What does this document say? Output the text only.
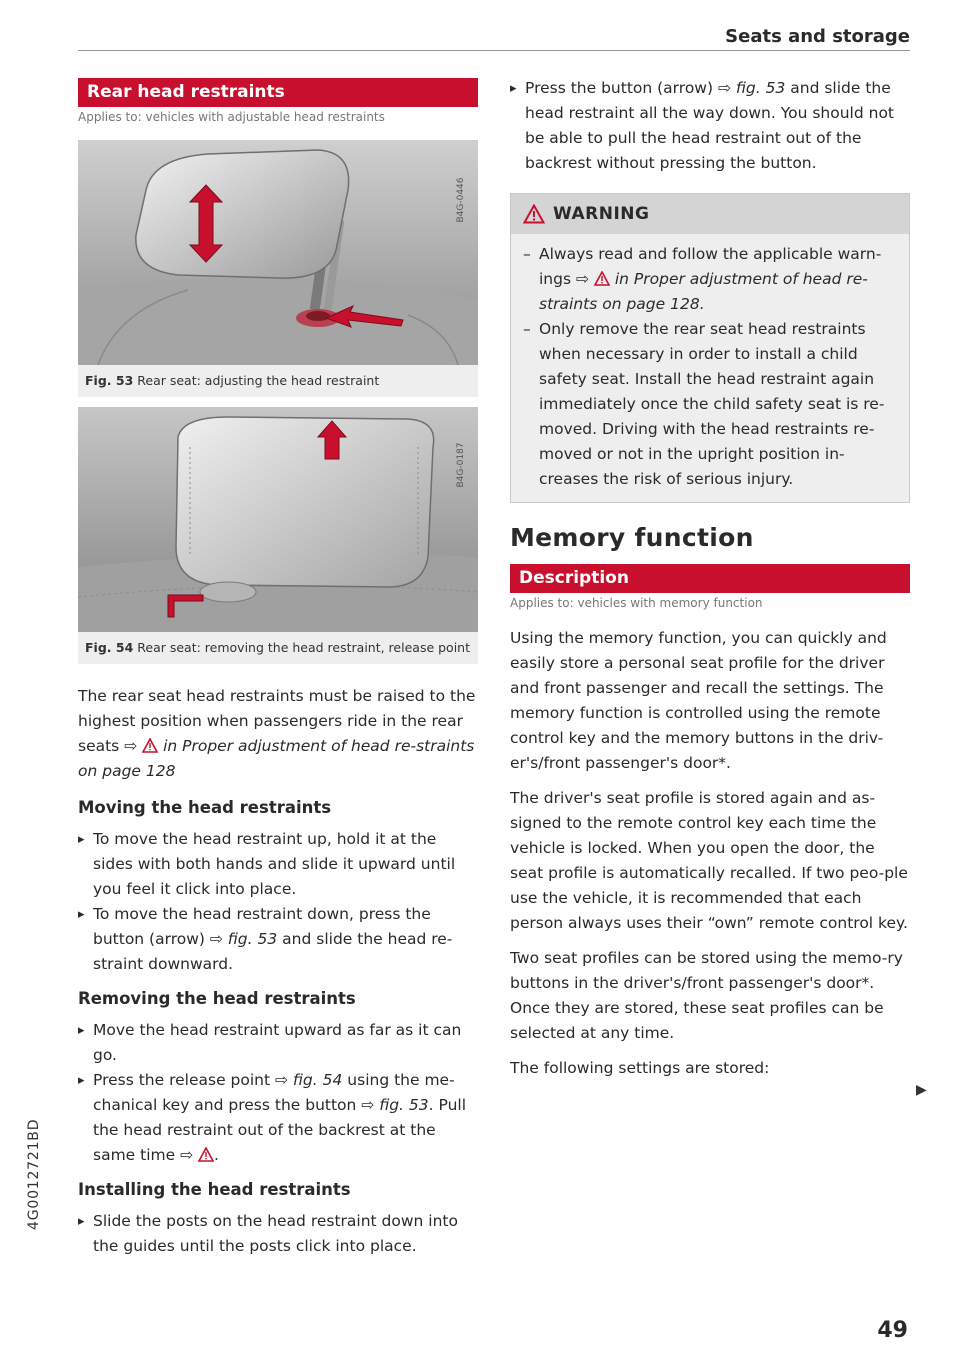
Seats and storage
Rear head restraints
Applies to: vehicles with adjustable head restraints
B4G-0446
Fig. 53 Rear seat: adjusting the head restraint
B4G-0187
Fig. 54 Rear seat: removing the head restraint, release point

The rear seat head restraints must be raised to the highest position when passengers ride in the rear seats ⇨ in Proper adjustment of head re-straints on page 128

Moving the head restraints
▸ To move the head restraint up, hold it at the sides with both hands and slide it upward until you feel it click into place.
▸ To move the head restraint down, press the button (arrow) ⇨ fig. 53 and slide the head re-straint downward.
Removing the head restraints
▸ Move the head restraint upward as far as it can go.
▸ Press the release point ⇨ fig. 54 using the me-chanical key and press the button ⇨ fig. 53. Pull the head restraint out of the backrest at the same time ⇨ .
Installing the head restraints
▸ Slide the posts on the head restraint down into the guides until the posts click into place.
▸ Press the button (arrow) ⇨ fig. 53 and slide the head restraint all the way down. You should not be able to pull the head restraint out of the backrest without pressing the button.
WARNING
– Always read and follow the applicable warn-ings ⇨ in Proper adjustment of head re-straints on page 128.
– Only remove the rear seat head restraints when necessary in order to install a child safety seat. Install the head restraint again immediately once the child safety seat is re-moved. Driving with the head restraints re-moved or not in the upright position in-creases the risk of serious injury.
Memory function
Description
Applies to: vehicles with memory function

Using the memory function, you can quickly and easily store a personal seat profile for the driver and front passenger and recall the settings. The memory function is controlled using the remote control key and the memory buttons in the driv-er's/front passenger's door*.

The driver's seat profile is stored again and as-signed to the remote control key each time the vehicle is locked. When you open the door, the seat profile is automatically recalled. If two peo-ple use the vehicle, it is recommended that each person always uses their “own” remote control key.

Two seat profiles can be stored using the memo-ry buttons in the driver's/front passenger's door*. Once they are stored, these seat profiles can be selected at any time.

The following settings are stored:

▶
4G0012721BD
49
